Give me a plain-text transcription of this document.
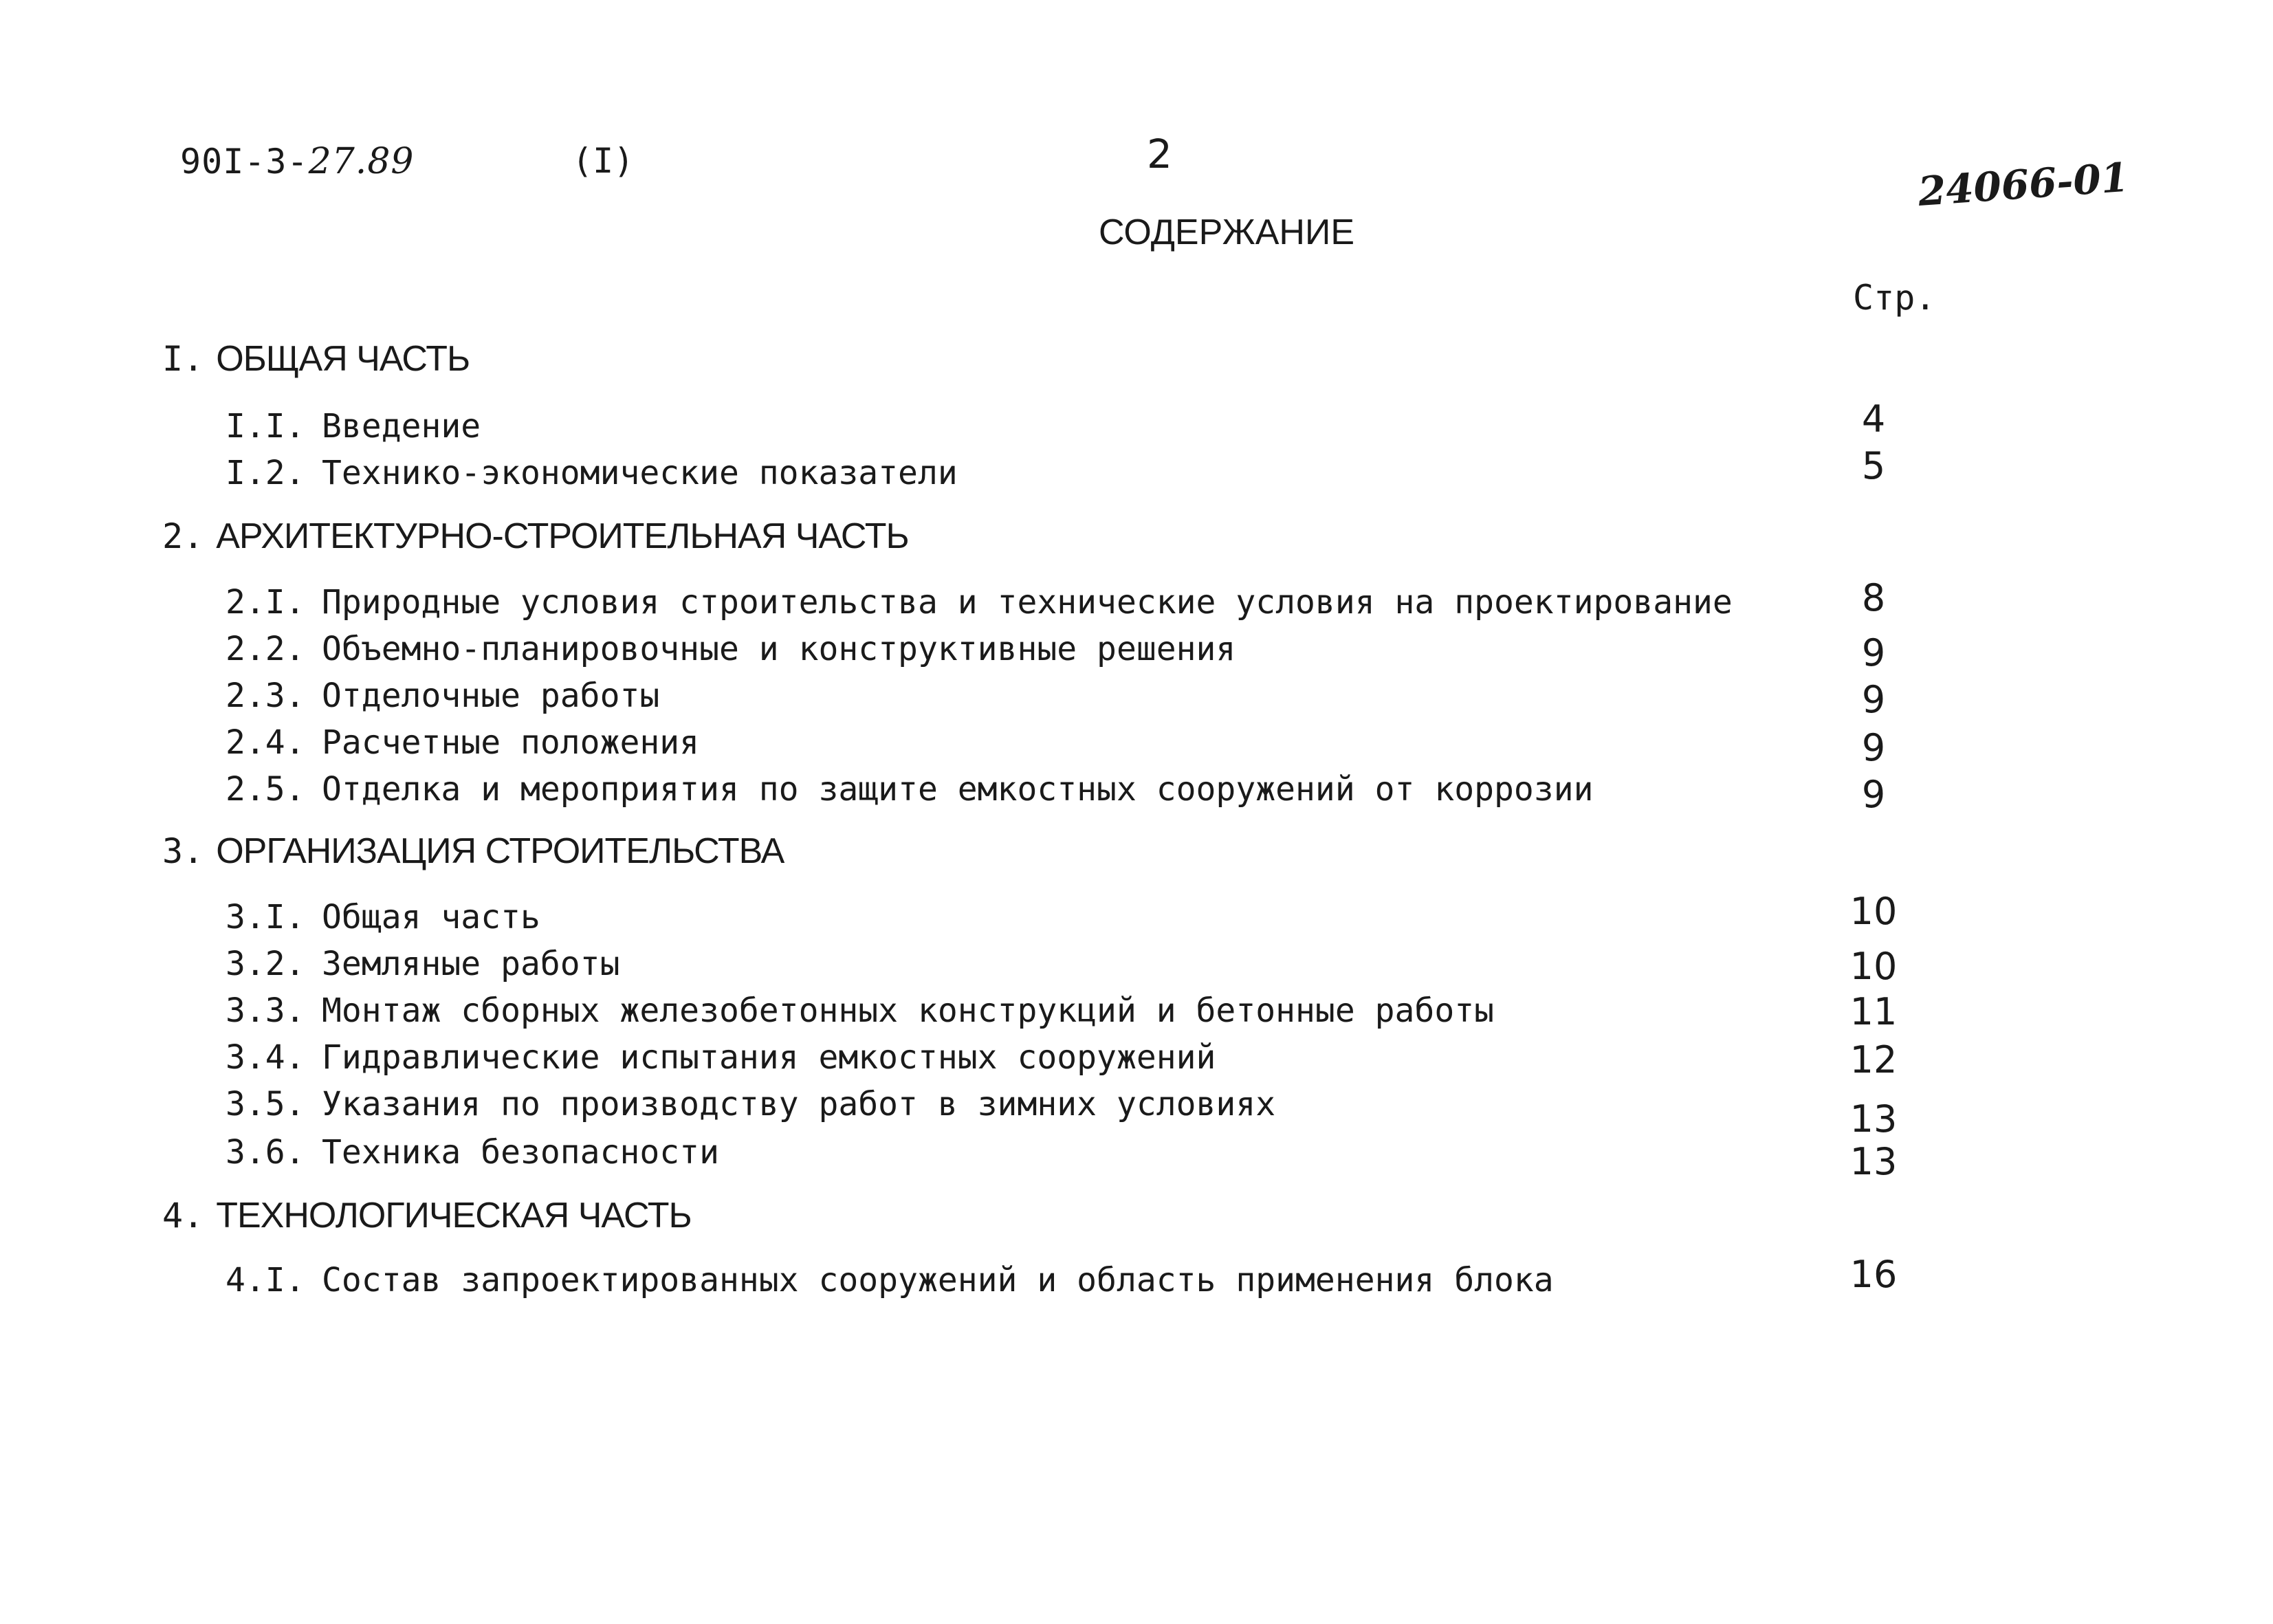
90I-3-27.89	(I)	2	24066-01
СОДЕРЖАНИЕ
Стр.
I. ОБЩАЯ ЧАСТЬ
I.I. Введение	4
I.2. Технико-экономические показатели	5
2. АРХИТЕКТУРНО-СТРОИТЕЛЬНАЯ ЧАСТЬ
2.I. Природные условия строительства и технические условия на проектирование	8
2.2. Объемно-планировочные и конструктивные решения	9
2.3. Отделочные работы	9
2.4. Расчетные положения	9
2.5. Отделка и мероприятия по защите емкостных сооружений от коррозии	9
3. ОРГАНИЗАЦИЯ СТРОИТЕЛЬСТВА
3.I. Общая часть	10
3.2. Земляные работы	10
3.3. Монтаж сборных железобетонных конструкций и бетонные работы	11
3.4. Гидравлические испытания емкостных сооружений	12
3.5. Указания по производству работ в зимних условиях	13
3.6. Техника безопасности	13
4. ТЕХНОЛОГИЧЕСКАЯ ЧАСТЬ
4.I. Состав запроектированных сооружений и область применения блока	16
